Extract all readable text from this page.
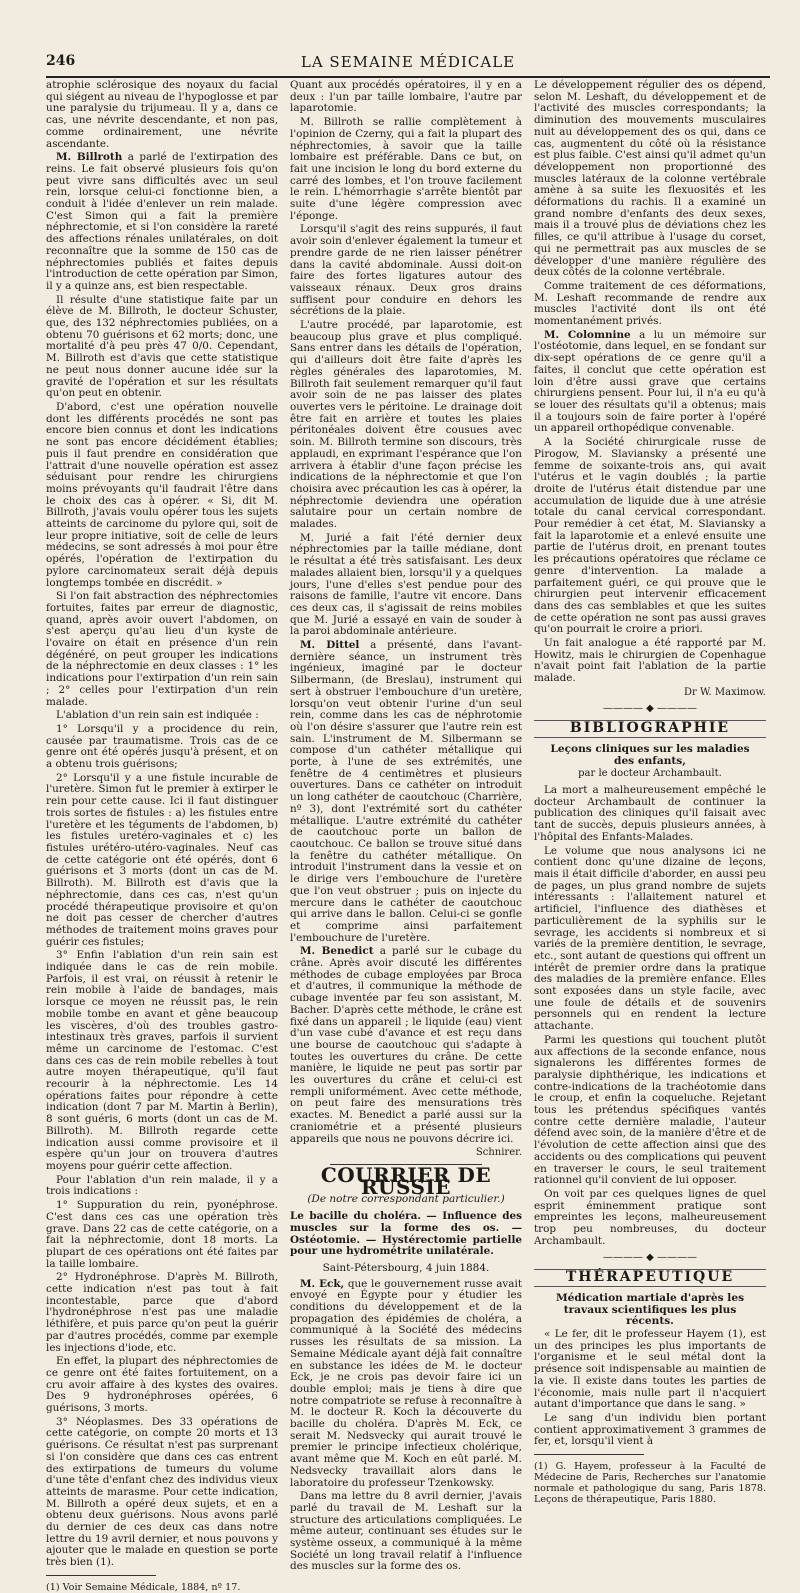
246	LA SEMAINE MÉDICALE

atrophie sclérosique des noyaux du facial qui siégent au niveau de l'hypoglosse et par une paralysie du trijumeau. Il y a, dans ce cas, une névrite descendante, et non pas, comme ordinairement, une névrite ascendante.

M. Billroth a parlé de l'extirpation des reins. Le fait observé plusieurs fois qu'on peut vivre sans difficultés avec un seul rein, lorsque celui-ci fonctionne bien, a conduit à l'idée d'enlever un rein malade. C'est Simon qui a fait la première néphrectomie, et si l'on considère la rareté des affections rénales unilatérales, on doit reconnaître que la somme de 150 cas de néphrectomies publiés et faites depuis l'introduction de cette opération par Simon, il y a quinze ans, est bien respectable.

Il résulte d'une statistique faite par un élève de M. Billroth, le docteur Schuster, que, des 132 néphrectomies publiées, on a obtenu 70 guérisons et 62 morts; donc, une mortalité d'à peu près 47 0/0. Cependant, M. Billroth est d'avis que cette statistique ne peut nous donner aucune idée sur la gravité de l'opération et sur les résultats qu'on peut en obtenir.

D'abord, c'est une opération nouvelle dont les différents procédés ne sont pas encore bien connus et dont les indications ne sont pas encore décidément établies; puis il faut prendre en considération que l'attrait d'une nouvelle opération est assez séduisant pour rendre les chirurgiens moins prévoyants qu'il faudrait l'être dans le choix des cas à opérer. « Si, dit M. Billroth, j'avais voulu opérer tous les sujets atteints de carcinome du pylore qui, soit de leur propre initiative, soit de celle de leurs médecins, se sont adressés à moi pour être opérés, l'opération de l'extirpation du pylore carcinomateux serait déjà depuis longtemps tombée en discrédit. »

Si l'on fait abstraction des néphrectomies fortuites, faites par erreur de diagnostic, quand, après avoir ouvert l'abdomen, on s'est aperçu qu'au lieu d'un kyste de l'ovaire on était en présence d'un rein dégénéré, on peut grouper les indications de la néphrectomie en deux classes : 1° les indications pour l'extirpation d'un rein sain ; 2° celles pour l'extirpation d'un rein malade.

L'ablation d'un rein sain est indiquée :

1° Lorsqu'il y a procidence du rein, causée par traumatisme. Trois cas de ce genre ont été opérés jusqu'à présent, et on a obtenu trois guérisons;

2° Lorsqu'il y a une fistule incurable de l'uretère. Simon fut le premier à extirper le rein pour cette cause. Ici il faut distinguer trois sortes de fistules : a) les fistules entre l'uretère et les téguments de l'abdomen, b) les fistules uretéro-vaginales et c) les fistules urétéro-utéro-vaginales. Neuf cas de cette catégorie ont été opérés, dont 6 guérisons et 3 morts (dont un cas de M. Billroth). M. Billroth est d'avis que la néphrectomie, dans ces cas, n'est qu'un procédé thérapeutique provisoire et qu'on ne doit pas cesser de chercher d'autres méthodes de traitement moins graves pour guérir ces fistules;

3° Enfin l'ablation d'un rein sain est indiquée dans le cas de rein mobile. Parfois, il est vrai, on réussit à retenir le rein mobile à l'aide de bandages, mais lorsque ce moyen ne réussit pas, le rein mobile tombe en avant et gêne beaucoup les viscères, d'où des troubles gastro-intestinaux très graves, parfois il survient même un carcinome de l'estomac. C'est dans ces cas de rein mobile rebelles à tout autre moyen thérapeutique, qu'il faut recourir à la néphrectomie. Les 14 opérations faites pour répondre à cette indication (dont 7 par M. Martin à Berlin), 8 sont guéris, 6 morts (dont un cas de M. Billroth). M. Billroth regarde cette indication aussi comme provisoire et il espère qu'un jour on trouvera d'autres moyens pour guérir cette affection.

Pour l'ablation d'un rein malade, il y a trois indications :

1° Suppuration du rein, pyonéphrose. C'est dans ces cas une opération très grave. Dans 22 cas de cette catégorie, on a fait la néphrectomie, dont 18 morts. La plupart de ces opérations ont été faites par la taille lombaire.

2° Hydronéphrose. D'après M. Billroth, cette indication n'est pas tout à fait incontestable, parce que d'abord l'hydronéphrose n'est pas une maladie léthifère, et puis parce qu'on peut la guérir par d'autres procédés, comme par exemple les injections d'iode, etc.

En effet, la plupart des néphrectomies de ce genre ont été faites fortuitement, on a cru avoir affaire à des kystes des ovaires. Des 9 hydronéphroses opérées, 6 guérisons, 3 morts.

3° Néoplasmes. Des 33 opérations de cette catégorie, on compte 20 morts et 13 guérisons. Ce résultat n'est pas surprenant si l'on considère que dans ces cas entrent des extirpations de tumeurs du volume d'une tête d'enfant chez des individus vieux atteints de marasme. Pour cette indication, M. Billroth a opéré deux sujets, et en a obtenu deux guérisons. Nous avons parlé du dernier de ces deux cas dans notre lettre du 19 avril dernier, et nous pouvons y ajouter que le malade en question se porte très bien (1).

(1) Voir Semaine Médicale, 1884, nº 17.

Quant aux procédés opératoires, il y en a deux : l'un par taille lombaire, l'autre par laparotomie.

M. Billroth se rallie complètement à l'opinion de Czerny, qui a fait la plupart des néphrectomies, à savoir que la taille lombaire est préférable. Dans ce but, on fait une incision le long du bord externe du carré des lombes, et l'on trouve facilement le rein. L'hémorrhagie s'arrête bientôt par suite d'une légère compression avec l'éponge.

Lorsqu'il s'agit des reins suppurés, il faut avoir soin d'enlever également la tumeur et prendre garde de ne rien laisser pénétrer dans la cavité abdominale. Aussi doit-on faire des fortes ligatures autour des vaisseaux rénaux. Deux gros drains suffisent pour conduire en dehors les sécrétions de la plaie.

L'autre procédé, par laparotomie, est beaucoup plus grave et plus compliqué. Sans entrer dans les détails de l'opération, qui d'ailleurs doit être faite d'après les règles générales des laparotomies, M. Billroth fait seulement remarquer qu'il faut avoir soin de ne pas laisser des plates ouvertes vers le péritoine. Le drainage doit être fait en arrière et toutes les plaies péritonéales doivent être cousues avec soin. M. Billroth termine son discours, très applaudi, en exprimant l'espérance que l'on arrivera à établir d'une façon précise les indications de la néphrectomie et que l'on choisira avec précaution les cas à opérer, la néphrectomie deviendra une opération salutaire pour un certain nombre de malades.

M. Jurié a fait l'été dernier deux néphrectomies par la taille médiane, dont le résultat a été très satisfaisant. Les deux malades allaient bien, lorsqu'il y a quelques jours, l'une d'elles s'est pendue pour des raisons de famille, l'autre vit encore. Dans ces deux cas, il s'agissait de reins mobiles que M. Jurié a essayé en vain de souder à la paroi abdominale antérieure.

M. Dittel a présenté, dans l'avant-dernière séance, un instrument très ingénieux, imaginé par le docteur Silbermann, (de Breslau), instrument qui sert à obstruer l'embouchure d'un uretère, lorsqu'on veut obtenir l'urine d'un seul rein, comme dans les cas de néphrotomie où l'on désire s'assurer que l'autre rein est sain. L'instrument de M. Silbermann se compose d'un cathéter métallique qui porte, à l'une de ses extrémités, une fenêtre de 4 centimètres et plusieurs ouvertures. Dans ce cathéter on introduit un long cathéter de caoutchouc (Charrière, nº 3), dont l'extrémité sort du cathéter métallique. L'autre extrémité du cathéter de caoutchouc porte un ballon de caoutchouc. Ce ballon se trouve situé dans la fenêtre du cathéter métallique. On introduit l'instrument dans la vessie et on le dirige vers l'embouchure de l'uretère que l'on veut obstruer ; puis on injecte du mercure dans le cathéter de caoutchouc qui arrive dans le ballon. Celui-ci se gonfle et comprime ainsi parfaitement l'embouchure de l'uretère.

M. Benedict a parlé sur le cubage du crâne. Après avoir discuté les différentes méthodes de cubage employées par Broca et d'autres, il communique la méthode de cubage inventée par feu son assistant, M. Bacher. D'après cette méthode, le crâne est fixé dans un appareil ; le liquide (eau) vient d'un vase cubé d'avance et est reçu dans une bourse de caoutchouc qui s'adapte à toutes les ouvertures du crâne. De cette manière, le liquide ne peut pas sortir par les ouvertures du crâne et celui-ci est rempli uniformément. Avec cette méthode, on peut faire des mensurations très exactes. M. Benedict a parlé aussi sur la craniométrie et a présenté plusieurs appareils que nous ne pouvons décrire ici.

Schnirer.
COURRIER DE RUSSIE
(De notre correspondant particulier.)
Le bacille du choléra. — Influence des muscles sur la forme des os. — Ostéotomie. — Hystérectomie partielle pour une hydrométrite unilatérale.
Saint-Pétersbourg, 4 juin 1884.

M. Eck, que le gouvernement russe avait envoyé en Égypte pour y étudier les conditions du développement et de la propagation des épidémies de choléra, a communiqué à la Société des médecins russes les résultats de sa mission. La Semaine Médicale ayant déjà fait connaître en substance les idées de M. le docteur Eck, je ne crois pas devoir faire ici un double emploi; mais je tiens à dire que notre compatriote se refuse à reconnaître à M. le docteur R. Koch la découverte du bacille du choléra. D'après M. Eck, ce serait M. Nedsvecky qui aurait trouvé le premier le principe infectieux cholérique, avant même que M. Koch en eût parlé. M. Nedsvecky travaillait alors dans le laboratoire du professeur Tzenkowsky.

Dans ma lettre du 8 avril dernier, j'avais parlé du travail de M. Leshaft sur la structure des articulations compliquées. Le même auteur, continuant ses études sur le système osseux, a communiqué à la même Société un long travail relatif à l'influence des muscles sur la forme des os.

Le développement régulier des os dépend, selon M. Leshaft, du développement et de l'activité des muscles correspondants; la diminution des mouvements musculaires nuit au développement des os qui, dans ce cas, augmentent du côté où la résistance est plus faible. C'est ainsi qu'il admet qu'un développement non proportionné des muscles latéraux de la colonne vertébrale amène à sa suite les flexuosités et les déformations du rachis. Il a examiné un grand nombre d'enfants des deux sexes, mais il a trouvé plus de déviations chez les filles, ce qu'il attribue à l'usage du corset, qui ne permettrait pas aux muscles de se développer d'une manière régulière des deux côtés de la colonne vertébrale.

Comme traitement de ces déformations, M. Leshaft recommande de rendre aux muscles l'activité dont ils ont été momentanément privés.

M. Colomnine a lu un mémoire sur l'ostéotomie, dans lequel, en se fondant sur dix-sept opérations de ce genre qu'il a faites, il conclut que cette opération est loin d'être aussi grave que certains chirurgiens pensent. Pour lui, il n'a eu qu'à se louer des résultats qu'il a obtenus; mais il a toujours soin de faire porter à l'opéré un appareil orthopédique convenable.

A la Société chirurgicale russe de Pirogow, M. Slaviansky a présenté une femme de soixante-trois ans, qui avait l'utérus et le vagin doublés ; la partie droite de l'utérus était distendue par une accumulation de liquide due à une atrésie totale du canal cervical correspondant. Pour remédier à cet état, M. Slaviansky a fait la laparotomie et a enlevé ensuite une partie de l'utérus droit, en prenant toutes les précautions opératoires que réclame ce genre d'intervention. La malade a parfaitement guéri, ce qui prouve que le chirurgien peut intervenir efficacement dans des cas semblables et que les suites de cette opération ne sont pas aussi graves qu'on pourrait le croire a priori.

Un fait analogue a été rapporté par M. Howitz, mais le chirurgien de Copenhague n'avait point fait l'ablation de la partie malade.

Dr W. Maximow.
———— ◆ ————
BIBLIOGRAPHIE
Leçons cliniques sur les maladies des enfants,
par le docteur Archambault.

La mort a malheureusement empêché le docteur Archambault de continuer la publication des cliniques qu'il faisait avec tant de succès, depuis plusieurs années, à l'hôpital des Enfants-Malades.

Le volume que nous analysons ici ne contient donc qu'une dizaine de leçons, mais il était difficile d'aborder, en aussi peu de pages, un plus grand nombre de sujets intéressants : l'allaitement naturel et artificiel, l'influence des diathèses et particulièrement de la syphilis sur le sevrage, les accidents si nombreux et si variés de la première dentition, le sevrage, etc., sont autant de questions qui offrent un intérêt de premier ordre dans la pratique des maladies de la première enfance. Elles sont exposées dans un style facile, avec une foule de détails et de souvenirs personnels qui en rendent la lecture attachante.

Parmi les questions qui touchent plutôt aux affections de la seconde enfance, nous signalerons les différentes formes de paralysie diphthérique, les indications et contre-indications de la trachéotomie dans le croup, et enfin la coqueluche. Rejetant tous les prétendus spécifiques vantés contre cette dernière maladie, l'auteur défend avec soin, de la manière d'être et de l'évolution de cette affection ainsi que des accidents ou des complications qui peuvent en traverser le cours, le seul traitement rationnel qu'il convient de lui opposer.

On voit par ces quelques lignes de quel esprit éminemment pratique sont empreintes les leçons, malheureusement trop peu nombreuses, du docteur Archambault.

———— ◆ ————
THÉRAPEUTIQUE
Médication martiale d'après les travaux scientifiques les plus récents.

« Le fer, dit le professeur Hayem (1), est un des principes les plus importants de l'organisme et le seul métal dont la présence soit indispensable au maintien de la vie. Il existe dans toutes les parties de l'économie, mais nulle part il n'acquiert autant d'importance que dans le sang. »

Le sang d'un individu bien portant contient approximativement 3 grammes de fer, et, lorsqu'il vient à

(1) G. Hayem, professeur à la Faculté de Médecine de Paris, Recherches sur l'anatomie normale et pathologique du sang, Paris 1878. Leçons de thérapeutique, Paris 1880.
